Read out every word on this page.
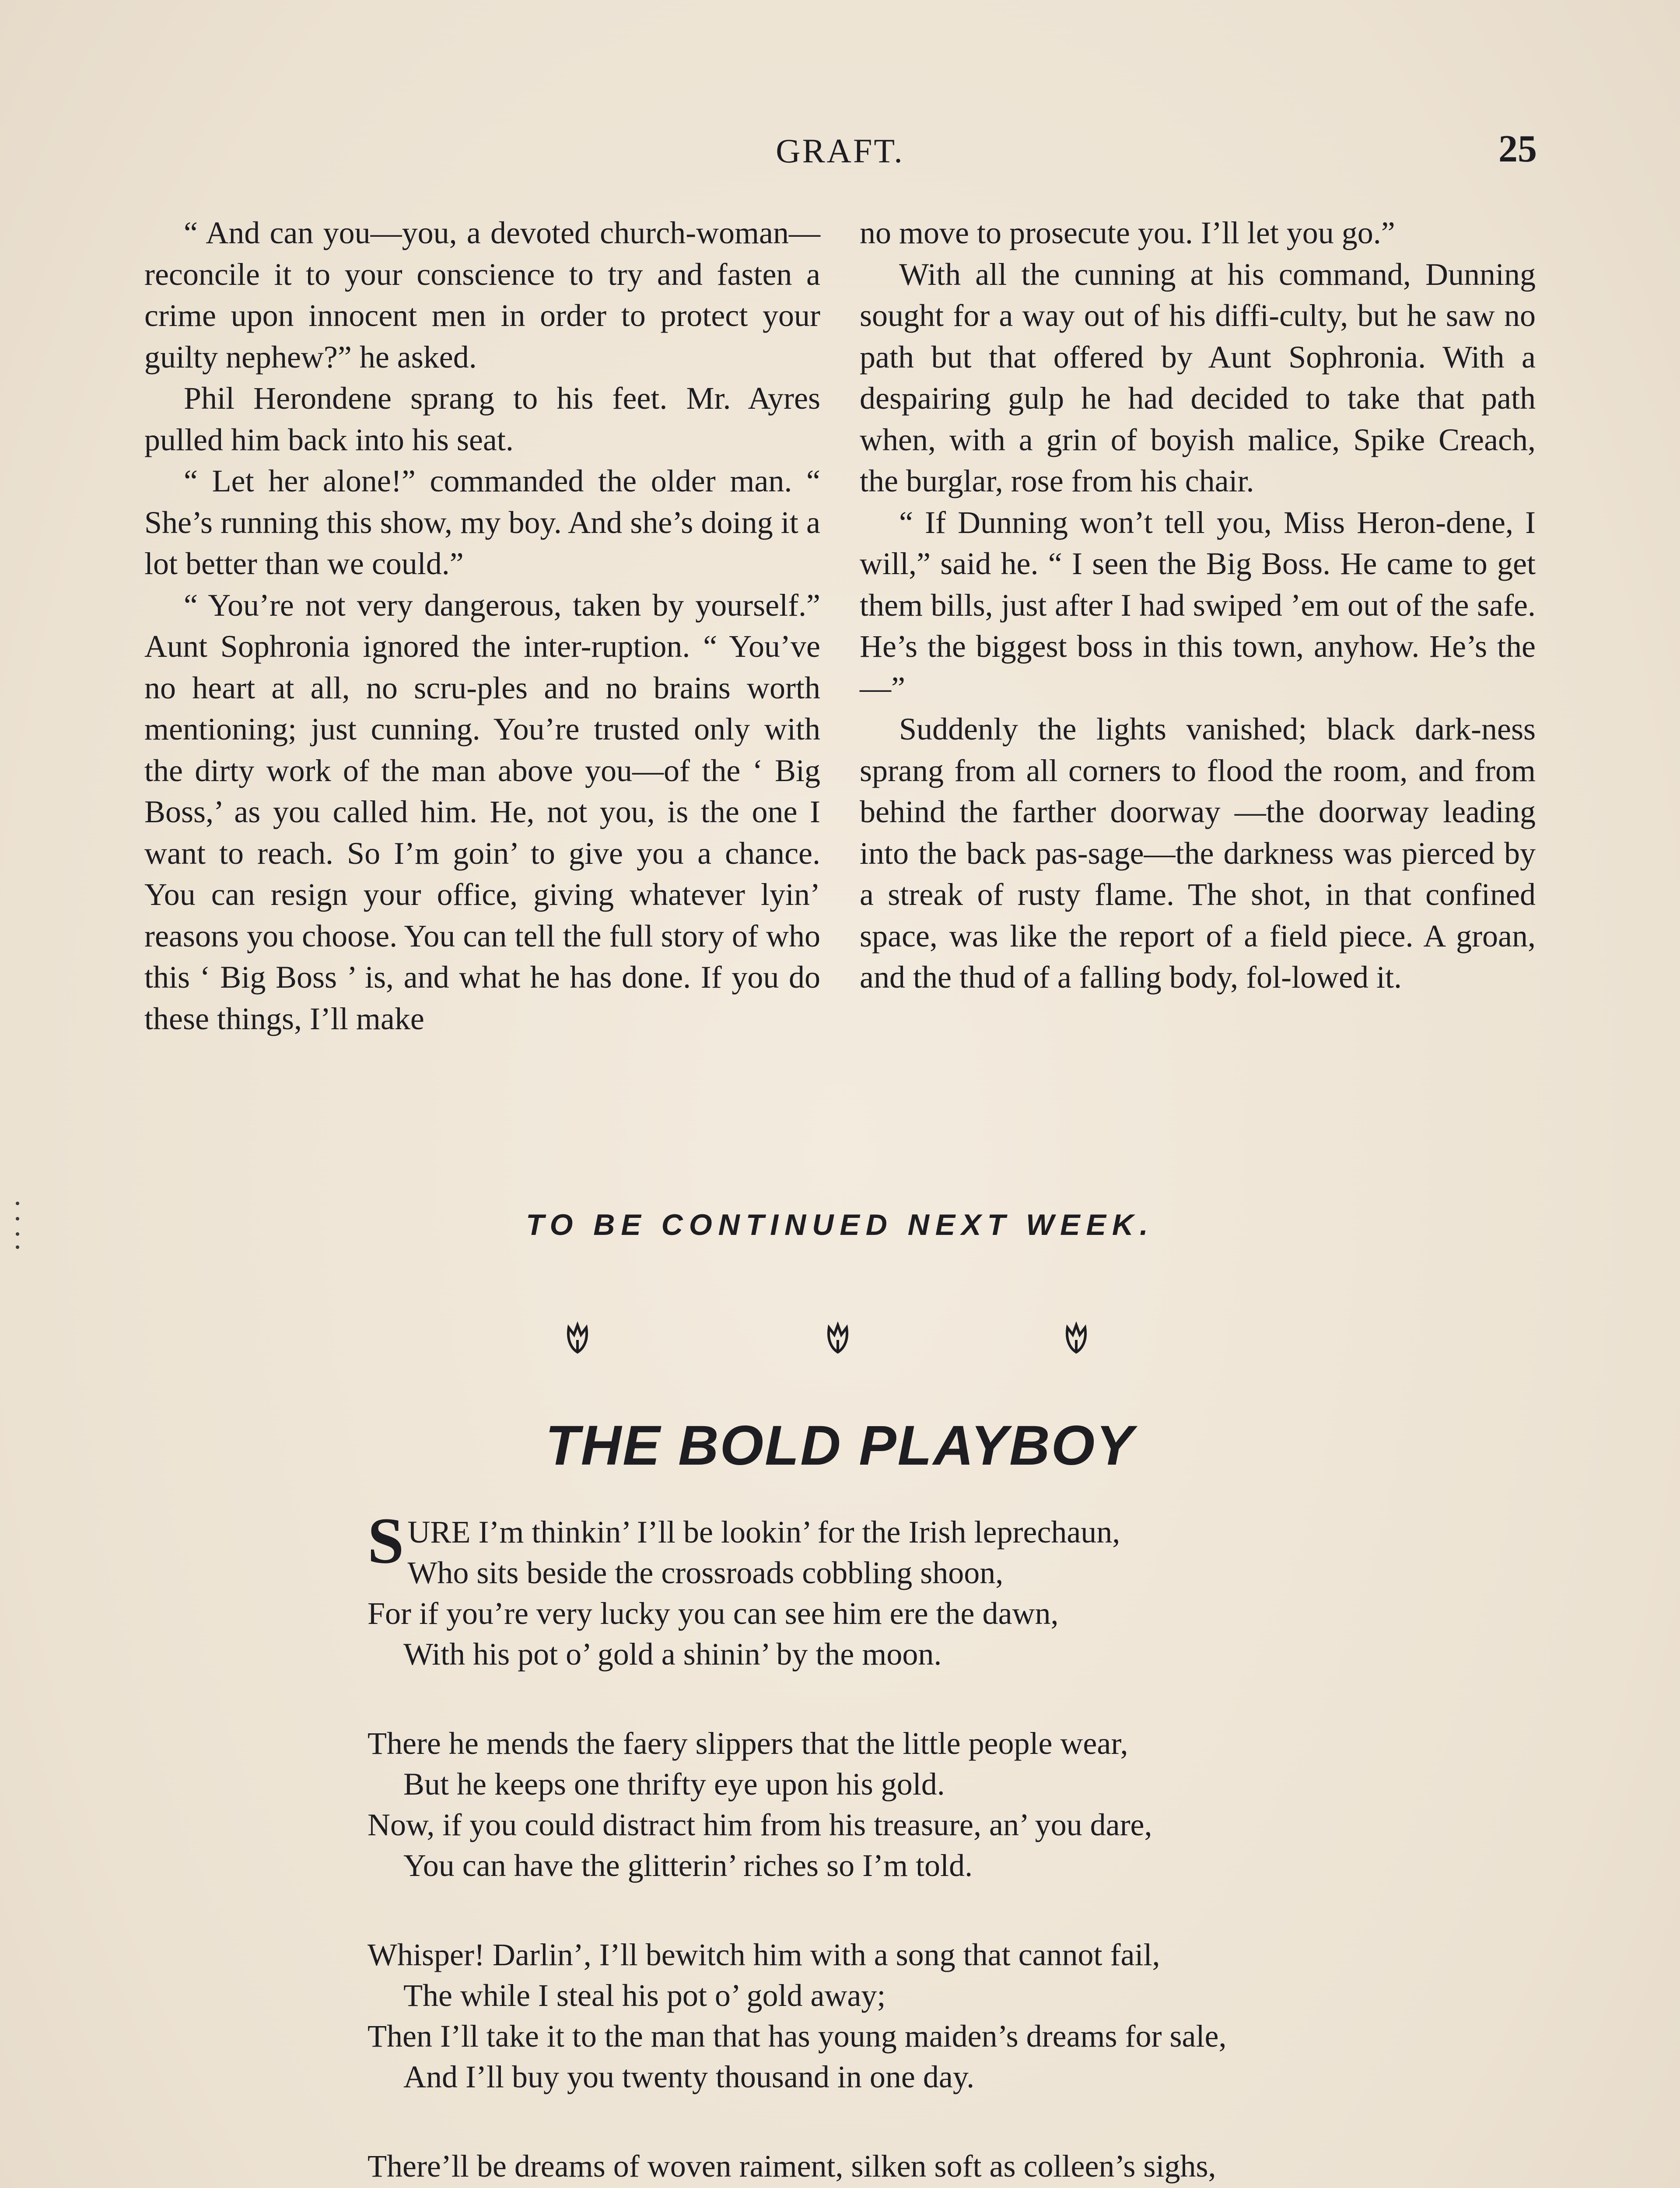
GRAFT.	25

“ And can you—you, a devoted church-woman—reconcile it to your conscience to try and fasten a crime upon innocent men in order to protect your guilty nephew?” he asked.

Phil Herondene sprang to his feet. Mr. Ayres pulled him back into his seat.

“ Let her alone!” commanded the older man. “ She’s running this show, my boy. And she’s doing it a lot better than we could.”

“ You’re not very dangerous, taken by yourself.” Aunt Sophronia ignored the inter-ruption. “ You’ve no heart at all, no scru-ples and no brains worth mentioning; just cunning. You’re trusted only with the dirty work of the man above you—of the ‘ Big Boss,’ as you called him. He, not you, is the one I want to reach. So I’m goin’ to give you a chance. You can resign your office, giving whatever lyin’ reasons you choose. You can tell the full story of who this ‘ Big Boss ’ is, and what he has done. If you do these things, I’ll make

no move to prosecute you. I’ll let you go.”

With all the cunning at his command, Dunning sought for a way out of his diffi-culty, but he saw no path but that offered by Aunt Sophronia. With a despairing gulp he had decided to take that path when, with a grin of boyish malice, Spike Creach, the burglar, rose from his chair.

“ If Dunning won’t tell you, Miss Heron-dene, I will,” said he. “ I seen the Big Boss. He came to get them bills, just after I had swiped ’em out of the safe. He’s the biggest boss in this town, anyhow. He’s the—”

Suddenly the lights vanished; black dark-ness sprang from all corners to flood the room, and from behind the farther doorway —the doorway leading into the back pas-sage—the darkness was pierced by a streak of rusty flame. The shot, in that confined space, was like the report of a field piece. A groan, and the thud of a falling body, fol-lowed it.

TO BE CONTINUED NEXT WEEK.
THE BOLD PLAYBOY
S URE I’m thinkin’ I’ll be lookin’ for the Irish leprechaun,
Who sits beside the crossroads cobbling shoon,
For if you’re very lucky you can see him ere the dawn,
With his pot o’ gold a shinin’ by the moon.
There he mends the faery slippers that the little people wear,
But he keeps one thrifty eye upon his gold.
Now, if you could distract him from his treasure, an’ you dare,
You can have the glitterin’ riches so I’m told.
Whisper! Darlin’, I’ll bewitch him with a song that cannot fail,
The while I steal his pot o’ gold away;
Then I’ll take it to the man that has young maiden’s dreams for sale,
And I’ll buy you twenty thousand in one day.
There’ll be dreams of woven raiment, silken soft as colleen’s sighs,
